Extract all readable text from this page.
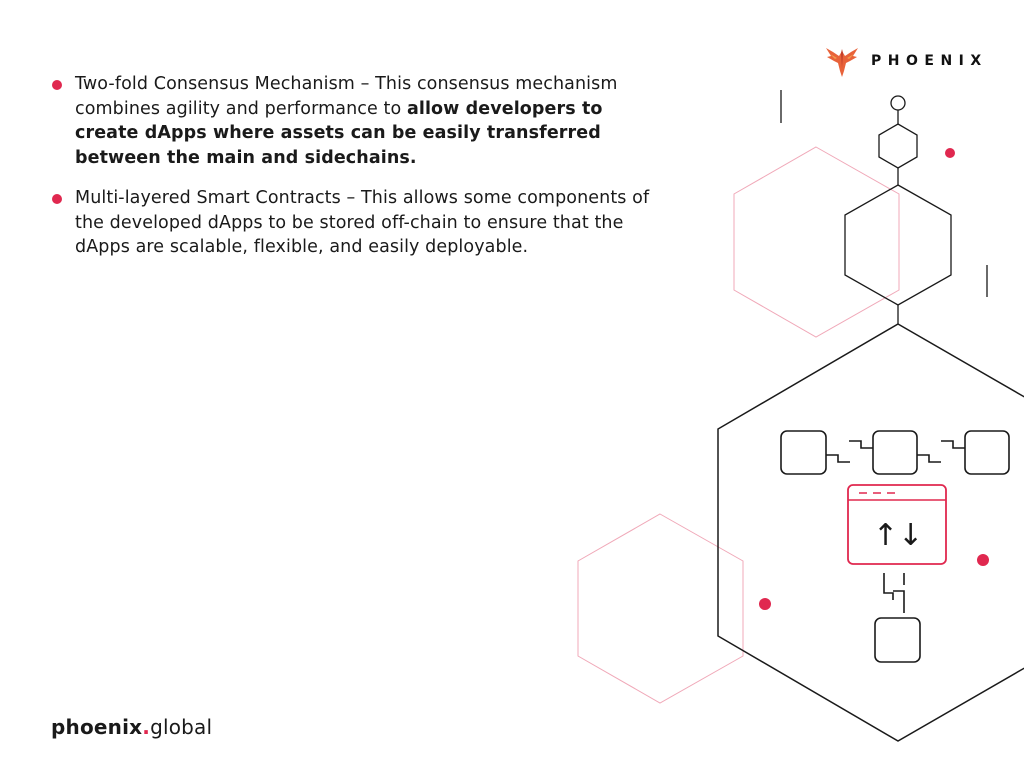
Two-fold Consensus Mechanism – This consensus mechanism combines agility and performance to allow developers to create dApps where assets can be easily transferred between the main and sidechains.
Multi-layered Smart Contracts – This allows some components of the developed dApps to be stored off-chain to ensure that the dApps are scalable, flexible, and easily deployable.
PHOENIX
↑↓
phoenix.global
